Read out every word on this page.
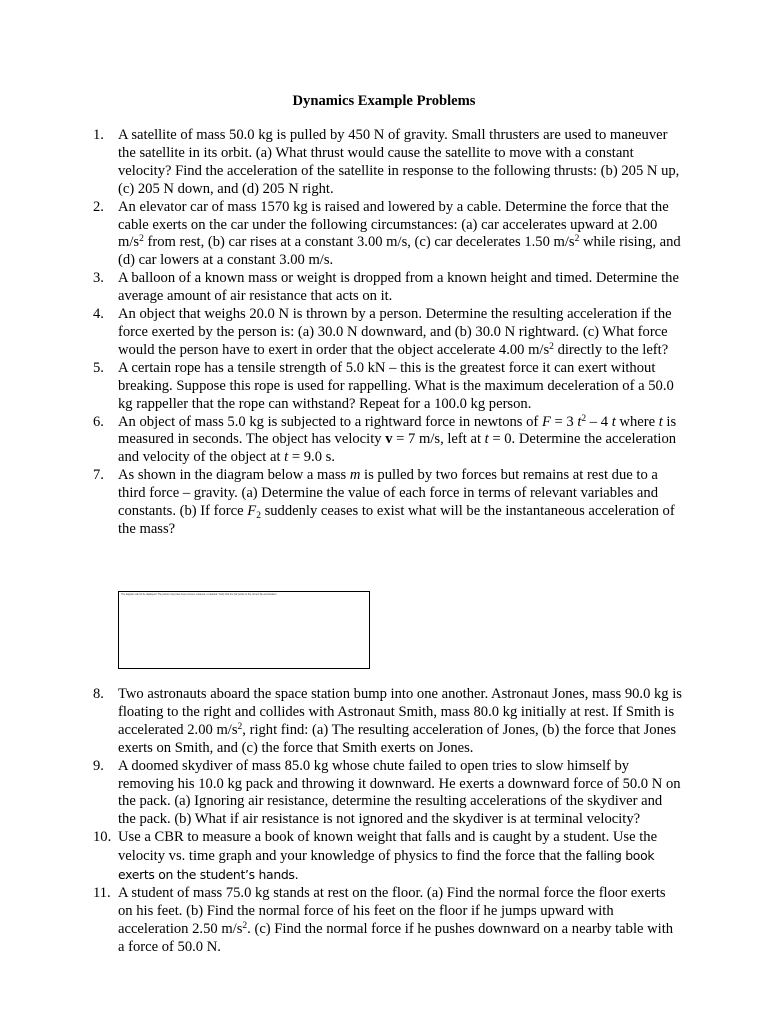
Dynamics Example Problems
1. A satellite of mass 50.0 kg is pulled by 450 N of gravity. Small thrusters are used to maneuver the satellite in its orbit. (a) What thrust would cause the satellite to move with a constant velocity? Find the acceleration of the satellite in response to the following thrusts: (b) 205 N up, (c) 205 N down, and (d) 205 N right.
2. An elevator car of mass 1570 kg is raised and lowered by a cable. Determine the force that the cable exerts on the car under the following circumstances: (a) car accelerates upward at 2.00 $m/s^2$ from rest, (b) car rises at a constant 3.00 m/s, (c) car decelerates 1.50 $m/s^2$ while rising, and (d) car lowers at a constant 3.00 m/s.
3. A balloon of a known mass or weight is dropped from a known height and timed. Determine the average amount of air resistance that acts on it.
4. An object that weighs 20.0 N is thrown by a person. Determine the resulting acceleration if the force exerted by the person is: (a) 30.0 N downward, and (b) 30.0 N rightward. (c) What force would the person have to exert in order that the object accelerate 4.00 $m/s^2$ directly to the left?
5. A certain rope has a tensile strength of 5.0 kN – this is the greatest force it can exert without breaking. Suppose this rope is used for rappelling. What is the maximum deceleration of a 50.0 kg rappeller that the rope can withstand? Repeat for a 100.0 kg person.
6. An object of mass 5.0 kg is subjected to a rightward force in newtons of F = 3 $t^2 - 4$ t where t is measured in seconds. The object has velocity v = 7 m/s, left at t = 0. Determine the acceleration and velocity of the object at t = 9.0 s.
7. As shown in the diagram below a mass m is pulled by two forces but remains at rest due to a third force – gravity. (a) Determine the value of each force in terms of relevant variables and constants. (b) If force $F_2$ suddenly ceases to exist what will be the instantaneous acceleration of the mass?
The diagram cannot be displayed. The picture may have been moved, renamed, or deleted. Verify that the link points to the correct file and location.
8. Two astronauts aboard the space station bump into one another. Astronaut Jones, mass 90.0 kg is floating to the right and collides with Astronaut Smith, mass 80.0 kg initially at rest. If Smith is accelerated 2.00 $m/s^2$, right find: (a) The resulting acceleration of Jones, (b) the force that Jones exerts on Smith, and (c) the force that Smith exerts on Jones.
9. A doomed skydiver of mass 85.0 kg whose chute failed to open tries to slow himself by removing his 10.0 kg pack and throwing it downward. He exerts a downward force of 50.0 N on the pack. (a) Ignoring air resistance, determine the resulting accelerations of the skydiver and the pack. (b) What if air resistance is not ignored and the skydiver is at terminal velocity?
10. Use a CBR to measure a book of known weight that falls and is caught by a student. Use the velocity vs. time graph and your knowledge of physics to find the force that the falling book exerts on the student’s hands.
11. A student of mass 75.0 kg stands at rest on the floor. (a) Find the normal force the floor exerts on his feet. (b) Find the normal force of his feet on the floor if he jumps upward with acceleration 2.50 $m/s^2$. (c) Find the normal force if he pushes downward on a nearby table with a force of 50.0 N.
